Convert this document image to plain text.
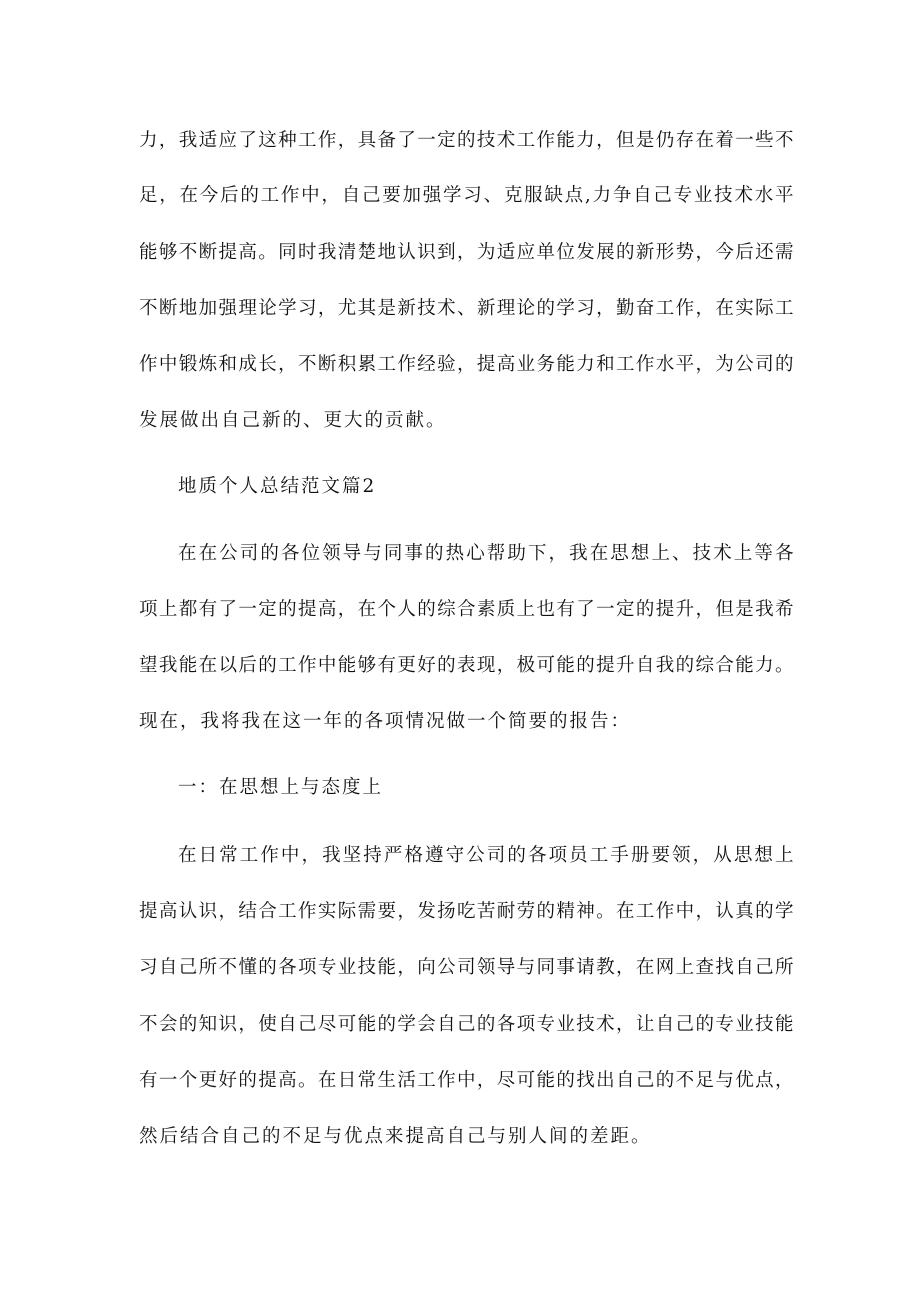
力，我适应了这种工作，具备了一定的技术工作能力，但是仍存在着一些不
足，在今后的工作中，自己要加强学习、克服缺点,力争自己专业技术水平
能够不断提高。同时我清楚地认识到，为适应单位发展的新形势，今后还需
不断地加强理论学习，尤其是新技术、新理论的学习，勤奋工作，在实际工
作中锻炼和成长，不断积累工作经验，提高业务能力和工作水平，为公司的
发展做出自己新的、更大的贡献。
地质个人总结范文篇2
在在公司的各位领导与同事的热心帮助下，我在思想上、技术上等各
项上都有了一定的提高，在个人的综合素质上也有了一定的提升，但是我希
望我能在以后的工作中能够有更好的表现，极可能的提升自我的综合能力。
现在，我将我在这一年的各项情况做一个简要的报告：
一：在思想上与态度上
在日常工作中，我坚持严格遵守公司的各项员工手册要领，从思想上
提高认识，结合工作实际需要，发扬吃苦耐劳的精神。在工作中，认真的学
习自己所不懂的各项专业技能，向公司领导与同事请教，在网上查找自己所
不会的知识，使自己尽可能的学会自己的各项专业技术，让自己的专业技能
有一个更好的提高。在日常生活工作中，尽可能的找出自己的不足与优点，
然后结合自己的不足与优点来提高自己与别人间的差距。
